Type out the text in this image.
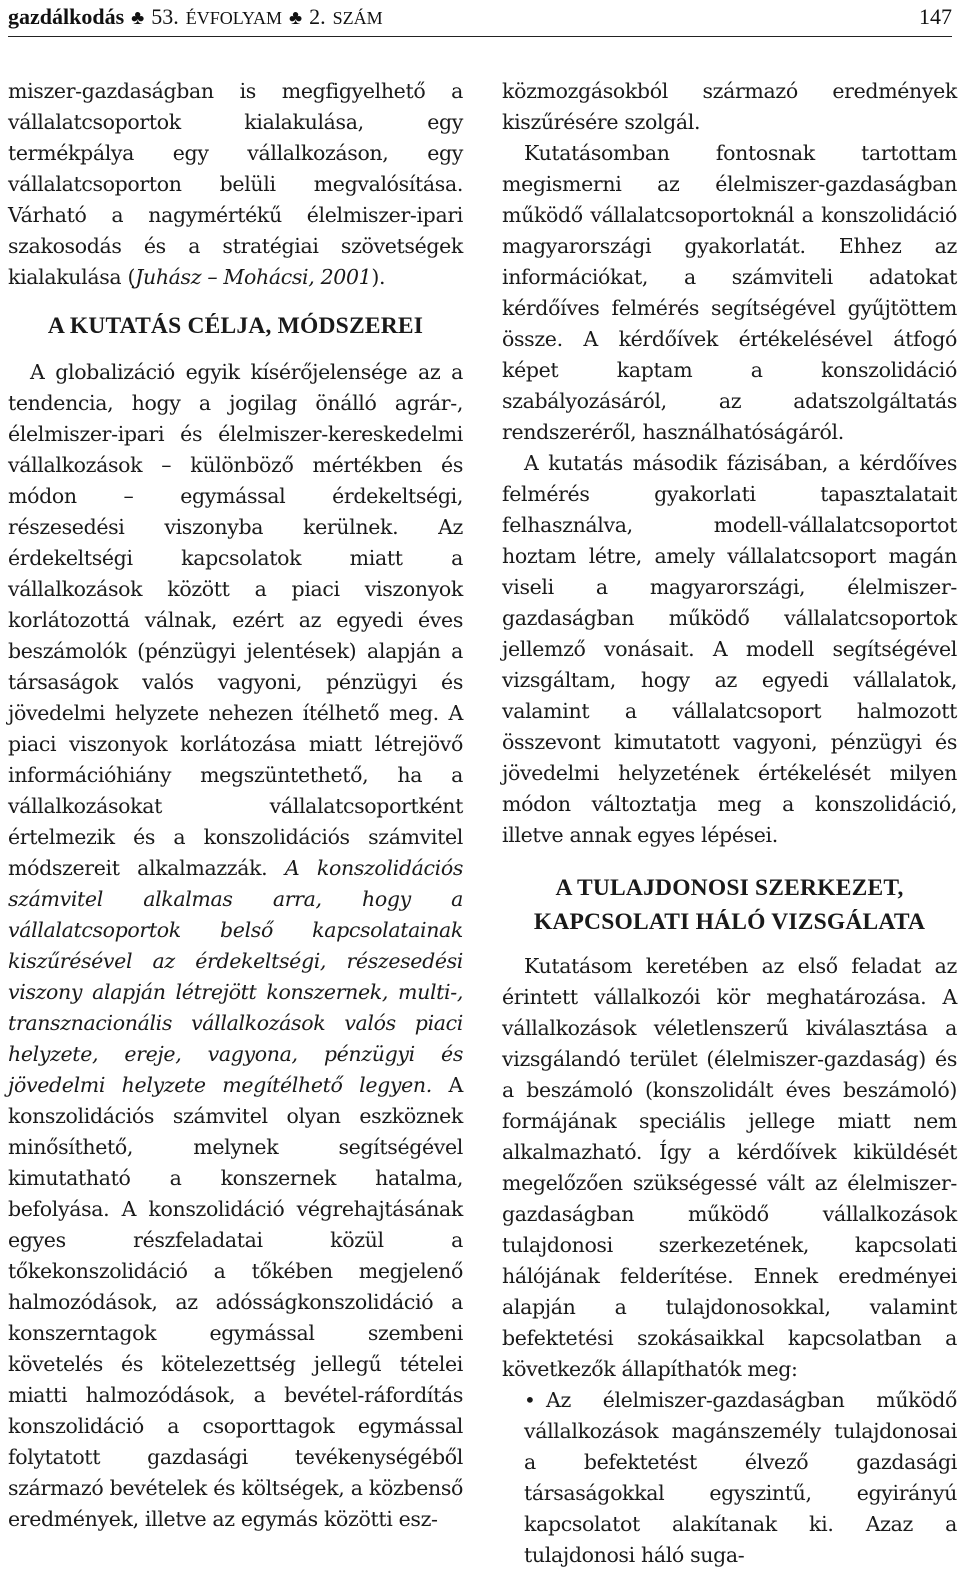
gazdálkodás ♣ 53. ÉVFOLYAM ♣ 2. SZÁM	147

miszer-gazdaságban is megfigyelhető a vállalatcsoportok kialakulása, egy termékpálya egy vállalkozáson, egy vállalatcsoporton belüli megvalósítása. Várható a nagymértékű élelmiszer-ipari szakosodás és a stratégiai szövetségek kialakulása (Juhász – Mohácsi, 2001).

A KUTATÁS CÉLJA, MÓDSZEREI

A globalizáció egyik kísérőjelensége az a tendencia, hogy a jogilag önálló agrár-, élelmiszer-ipari és élelmiszer-kereskedelmi vállalkozások – különböző mértékben és módon – egymással érdekeltségi, részesedési viszonyba kerülnek. Az érdekeltségi kapcsolatok miatt a vállalkozások között a piaci viszonyok korlátozottá válnak, ezért az egyedi éves beszámolók (pénzügyi jelentések) alapján a társaságok valós vagyoni, pénzügyi és jövedelmi helyzete nehezen ítélhető meg. A piaci viszonyok korlátozása miatt létrejövő információhiány megszüntethető, ha a vállalkozásokat vállalatcsoportként értelmezik és a konszolidációs számvitel módszereit alkalmazzák. A konszolidációs számvitel alkalmas arra, hogy a vállalatcsoportok belső kapcsolatainak kiszűrésével az érdekeltségi, részesedési viszony alapján létrejött konszernek, multi-, transznacionális vállalkozások valós piaci helyzete, ereje, vagyona, pénzügyi és jövedelmi helyzete megítélhető legyen. A konszolidációs számvitel olyan eszköznek minősíthető, melynek segítségével kimutatható a konszernek hatalma, befolyása. A konszolidáció végrehajtásának egyes részfeladatai közül a tőkekonszolidáció a tőkében megjelenő halmozódások, az adósságkonszolidáció a konszerntagok egymással szembeni követelés és kötelezettség jellegű tételei miatti halmozódások, a bevétel-ráfordítás konszolidáció a csoporttagok egymással folytatott gazdasági tevékenységéből származó bevételek és költségek, a közbenső eredmények, illetve az egymás közötti esz-

közmozgásokból származó eredmények kiszűrésére szolgál.

Kutatásomban fontosnak tartottam megismerni az élelmiszer-gazdaságban működő vállalatcsoportoknál a konszolidáció magyarországi gyakorlatát. Ehhez az információkat, a számviteli adatokat kérdőíves felmérés segítségével gyűjtöttem össze. A kérdőívek értékelésével átfogó képet kaptam a konszolidáció szabályozásáról, az adatszolgáltatás rendszeréről, használhatóságáról.

A kutatás második fázisában, a kérdőíves felmérés gyakorlati tapasztalatait felhasználva, modell-vállalatcsoportot hoztam létre, amely vállalatcsoport magán viseli a magyarországi, élelmiszer-gazdaságban működő vállalatcsoportok jellemző vonásait. A modell segítségével vizsgáltam, hogy az egyedi vállalatok, valamint a vállalatcsoport halmozott összevont kimutatott vagyoni, pénzügyi és jövedelmi helyzetének értékelését milyen módon változtatja meg a konszolidáció, illetve annak egyes lépései.

A TULAJDONOSI SZERKEZET,
KAPCSOLATI HÁLÓ VIZSGÁLATA

Kutatásom keretében az első feladat az érintett vállalkozói kör meghatározása. A vállalkozások véletlenszerű kiválasztása a vizsgálandó terület (élelmiszer-gazdaság) és a beszámoló (konszolidált éves beszámoló) formájának speciális jellege miatt nem alkalmazható. Így a kérdőívek kiküldését megelőzően szükségessé vált az élelmiszer-gazdaságban működő vállalkozások tulajdonosi szerkezetének, kapcsolati hálójának felderítése. Ennek eredményei alapján a tulajdonosokkal, valamint befektetési szokásaikkal kapcsolatban a következők állapíthatók meg:

• Az élelmiszer-gazdaságban működő vállalkozások magánszemély tulajdonosai a befektetést élvező gazdasági társaságokkal egyszintű, egyirányú kapcsolatot alakítanak ki. Azaz a tulajdonosi háló suga-
